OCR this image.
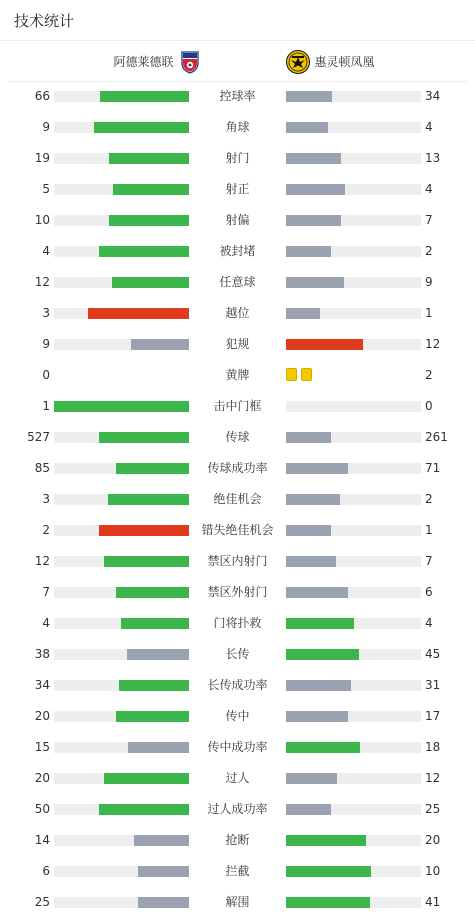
技术统计
阿德莱德联	惠灵顿凤凰
66	控球率	34
9	角球	4
19	射门	13
5	射正	4
10	射偏	7
4	被封堵	2
12	任意球	9
3	越位	1
9	犯规	12
0	黄牌	2
1	击中门框	0
527	传球	261
85	传球成功率	71
3	绝佳机会	2
2	错失绝佳机会	1
12	禁区内射门	7
7	禁区外射门	6
4	门将扑救	4
38	长传	45
34	长传成功率	31
20	传中	17
15	传中成功率	18
20	过人	12
50	过人成功率	25
14	抢断	20
6	拦截	10
25	解围	41
